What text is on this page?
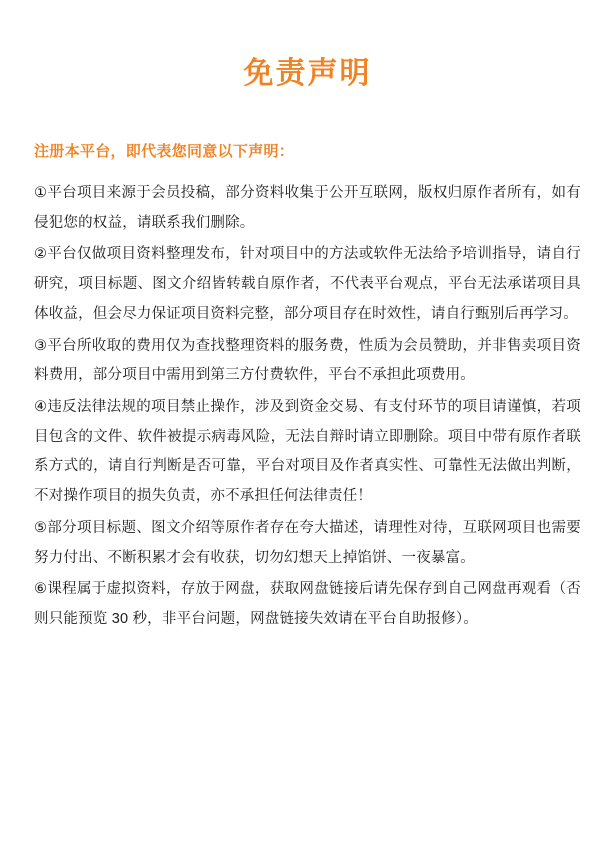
免责声明

注册本平台，即代表您同意以下声明：

①平台项目来源于会员投稿，部分资料收集于公开互联网，版权归原作者所有，如有侵犯您的权益，请联系我们删除。

②平台仅做项目资料整理发布，针对项目中的方法或软件无法给予培训指导，请自行研究，项目标题、图文介绍皆转载自原作者，不代表平台观点，平台无法承诺项目具体收益，但会尽力保证项目资料完整，部分项目存在时效性，请自行甄别后再学习。

③平台所收取的费用仅为查找整理资料的服务费，性质为会员赞助，并非售卖项目资料费用，部分项目中需用到第三方付费软件，平台不承担此项费用。

④违反法律法规的项目禁止操作，涉及到资金交易、有支付环节的项目请谨慎，若项目包含的文件、软件被提示病毒风险，无法自辩时请立即删除。项目中带有原作者联系方式的，请自行判断是否可靠，平台对项目及作者真实性、可靠性无法做出判断，不对操作项目的损失负责，亦不承担任何法律责任！

⑤部分项目标题、图文介绍等原作者存在夸大描述，请理性对待，互联网项目也需要努力付出、不断积累才会有收获，切勿幻想天上掉馅饼、一夜暴富。

⑥课程属于虚拟资料，存放于网盘，获取网盘链接后请先保存到自己网盘再观看（否则只能预览 30 秒，非平台问题，网盘链接失效请在平台自助报修）。
